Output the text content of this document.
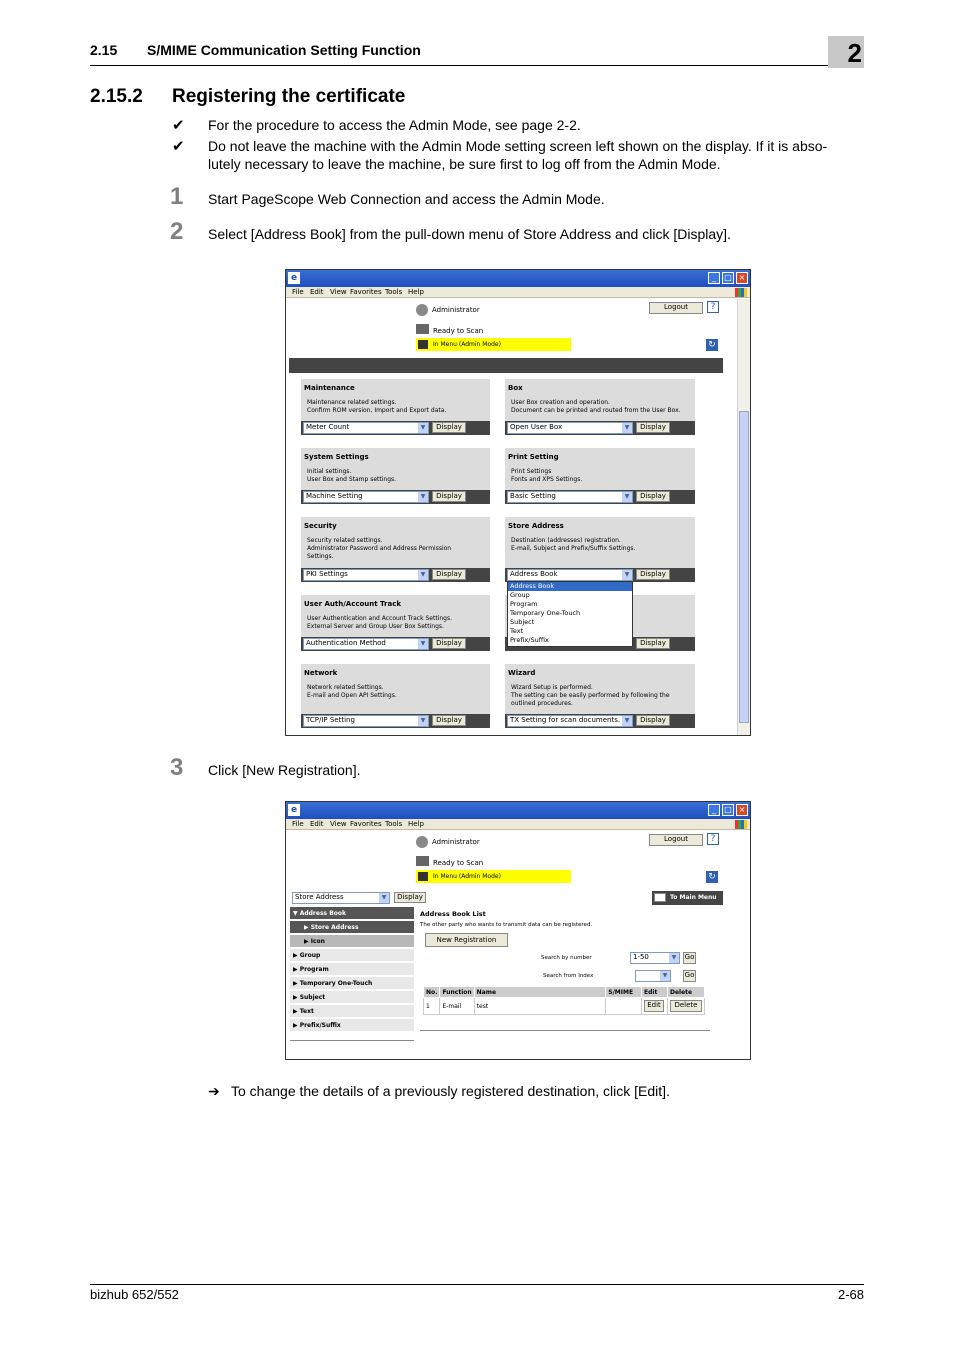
2.15 S/MIME Communication Setting Function	2
2.15.2 Registering the certificate
✔ For the procedure to access the Admin Mode, see page 2-2.
✔ Do not leave the machine with the Admin Mode setting screen left shown on the display. If it is abso-
lutely necessary to leave the machine, be sure first to log off from the Admin Mode.
1 Start PageScope Web Connection and access the Admin Mode.
2 Select [Address Book] from the pull-down menu of Store Address and click [Display].
e	_	□ ×
File Edit View Favorites Tools Help
Administrator	Logout	?
Ready to Scan
In Menu (Admin Mode)	↻
Maintenance
Maintenance related settings.
Confirm ROM version, Import and Export data.
Meter Count	▼	Display
Box
User Box creation and operation.
Document can be printed and routed from the User Box.
Open User Box	▼	Display
System Settings
Initial settings.
User Box and Stamp settings.
Machine Setting	▼	Display
Print Setting
Print Settings
Fonts and XPS Settings.
Basic Setting	▼	Display
Security
Security related settings.
Administrator Password and Address Permission
Settings.
PKI Settings	▼	Display
Store Address
Destination (addresses) registration.
E-mail, Subject and Prefix/Suffix Settings.
Address Book	▼	Display
User Auth/Account Track
User Authentication and Account Track Settings.
External Server and Group User Box Settings.
Authentication Method	▼	Display	Display
Network
Network related Settings.
E-mail and Open API Settings.
TCP/IP Setting	▼	Display
Wizard
Wizard Setup is performed.
The setting can be easily performed by following the
outlined procedures.
TX Setting for scan documents. ▼	Display
Address Book
Group
Program
Temporary One-Touch
Subject
Text
Prefix/Suffix
3 Click [New Registration].
e	_	□ ×
File Edit View Favorites Tools Help
Administrator	Logout	?
Ready to Scan
In Menu (Admin Mode)	↻
Store Address	▼	Display	To Main Menu
▼ Address Book
▶ Store Address
▶ Icon
▶ Group
▶ Program
▶ Temporary One-Touch
▶ Subject
▶ Text
▶ Prefix/Suffix
Address Book List
The other party who wants to transmit data can be registered.
New Registration
Search by number	1-50	▼	Go
Search from Index	▼	Go
No.	Function	Name	S/MIME	Edit	Delete
1	E-mail	test		Edit	Delete
➔ To change the details of a previously registered destination, click [Edit].
bizhub 652/552	2-68
